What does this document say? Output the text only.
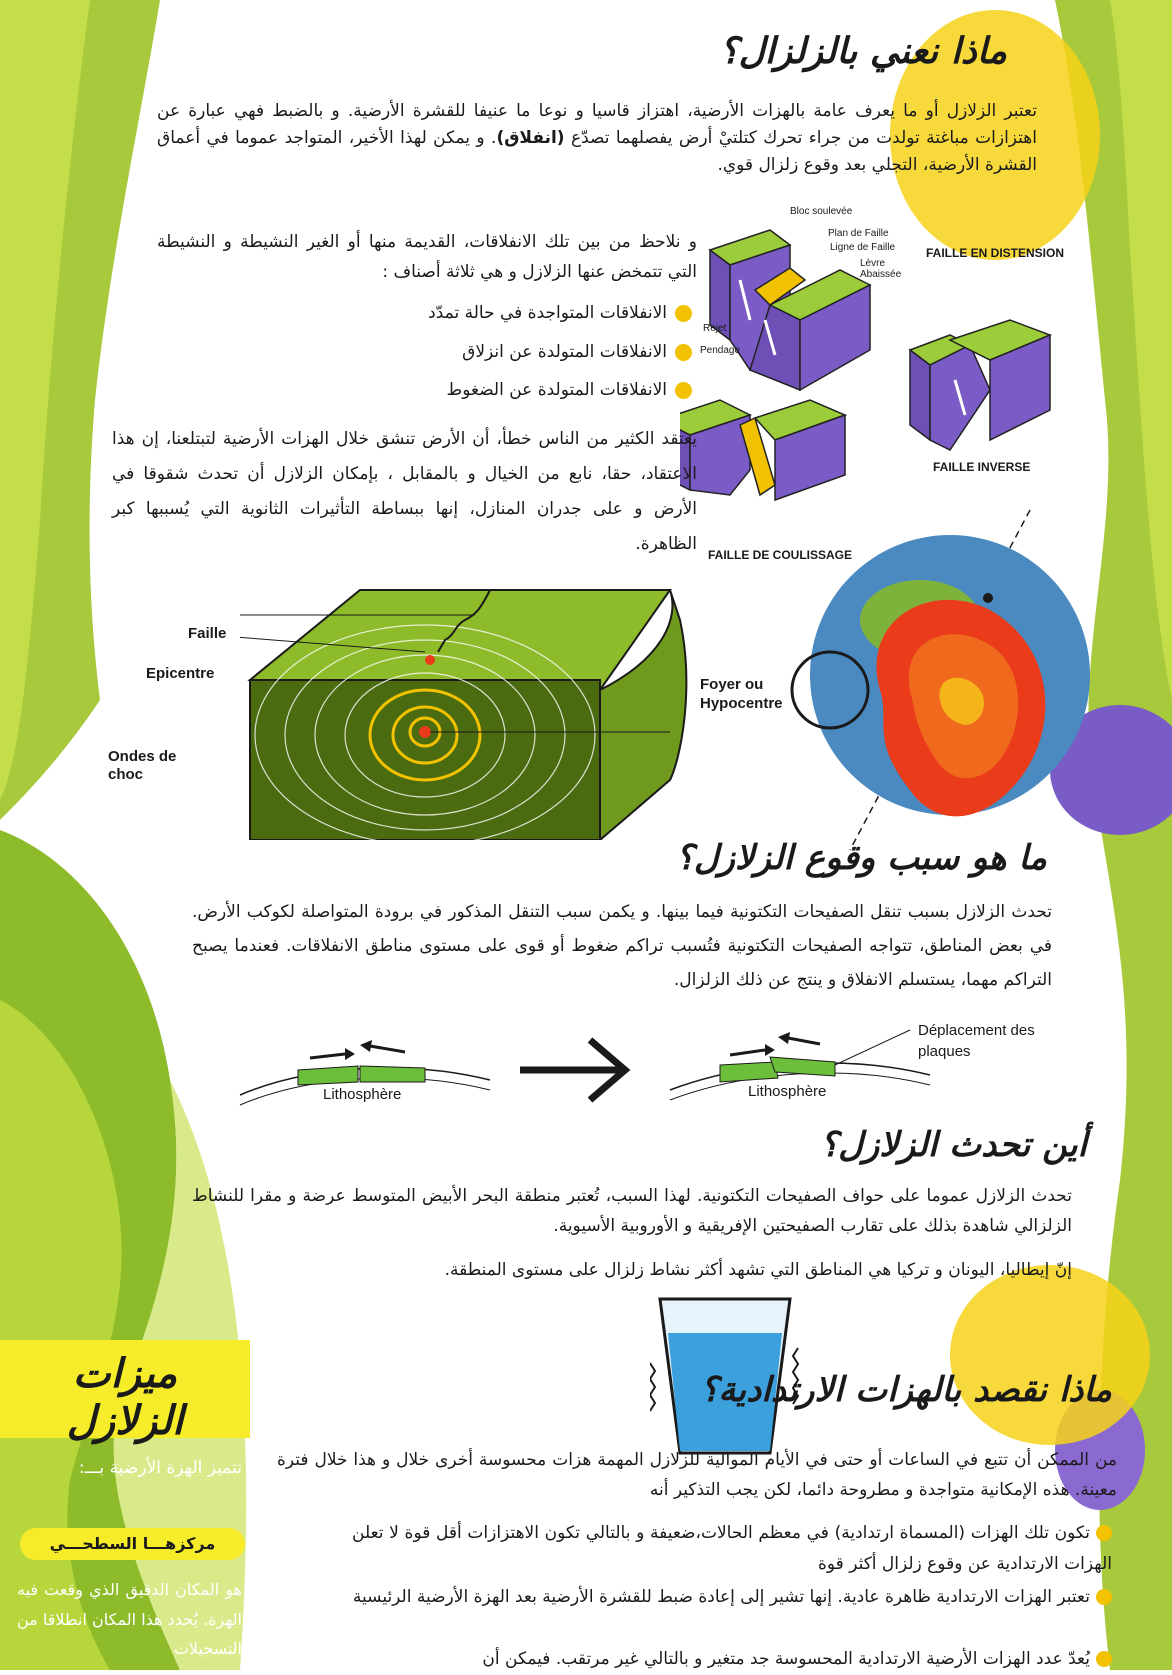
ماذا نعني بالزلزال؟
تعتبر الزلازل أو ما يعرف عامة بالهزات الأرضية، اهتزاز قاسيا و نوعا ما عنيفا للقشرة الأرضية. و بالضبط فهي عبارة عن اهتزازات مباغتة تولدت من جراء تحرك كتلتيْ أرض يفصلهما تصدّع (انفلاق). و يمكن لهذا الأخير، المتواجد عموما في أعماق القشرة الأرضية، التجلي بعد وقوع زلزال قوي.
و نلاحظ من بين تلك الانفلاقات، القديمة منها أو الغير النشيطة و النشيطة التي تتمخض عنها الزلازل و هي ثلاثة أصناف :
الانفلاقات المتواجدة في حالة تمدّد
الانفلاقات المتولدة عن انزلاق
الانفلاقات المتولدة عن الضغوط
يعتقد الكثير من الناس خطأ، أن الأرض تنشق خلال الهزات الأرضية لتبتلعنا، إن هذا الاعتقاد، حقا، نابع من الخيال و بالمقابل ، بإمكان الزلازل أن تحدث شقوقا في الأرض و على جدران المنازل، إنها ببساطة التأثيرات الثانوية التي يُسببها كبر الظاهرة.
Bloc soulevée
Plan de Faille
Ligne de Faille
Lèvre Abaissée
Rejet
Pendage
FAILLE EN DISTENSION
FAILLE INVERSE
FAILLE DE COULISSAGE
Faille
Epicentre
Ondes de choc
Foyer ou Hypocentre
ما هو سبب وقوع الزلازل؟
تحدث الزلازل بسبب تنقل الصفيحات التكتونية فيما بينها. و يكمن سبب التنقل المذكور في برودة المتواصلة لكوكب الأرض. في بعض المناطق، تتواجه الصفيحات التكتونية فتُسبب تراكم ضغوط أو قوى على مستوى مناطق الانفلاقات. فعندما يصبح التراكم مهما، يستسلم الانفلاق و ينتج عن ذلك الزلزال.
Lithosphère	Lithosphère
Déplacement des plaques
أين تحدث الزلازل؟
تحدث الزلازل عموما على حواف الصفيحات التكتونية. لهذا السبب، تُعتبر منطقة البحر الأبيض المتوسط عرضة و مقرا للنشاط الزلزالي شاهدة بذلك على تقارب الصفيحتين الإفريقية و الأوروبية الأسيوية.
إنّ إيطاليا، اليونان و تركيا هي المناطق التي تشهد أكثر نشاط زلزال على مستوى المنطقة.
ماذا نقصد بالهزات الارتدادية؟
من الممكن أن تتبع في الساعات أو حتى في الأيام الموالية للزلازل المهمة هزات محسوسة أخرى خلال و هذا خلال فترة معينة. هذه الإمكانية متواجدة و مطروحة دائما، لكن يجب التذكير أنه
تكون تلك الهزات (المسماة ارتدادية) في معظم الحالات،ضعيفة و بالتالي تكون الاهتزازات أقل قوة لا تعلن الهزات الارتدادية عن وقوع زلزال أكثر قوة
تعتبر الهزات الارتدادية ظاهرة عادية. إنها تشير إلى إعادة ضبط للقشرة الأرضية بعد الهزة الأرضية الرئيسية
يُعدّ عدد الهزات الأرضية الارتدادية المحسوسة جد متغير و بالتالي غير مرتقب. فيمكن أن
ميزات الزلازل
تتميز الهزة الأرضية بـــ:
مركزهـــا السطحـــي
هو المكان الدقيق الذي وقعت فيه الهزة. يُحدد هذا المكان انطلاقا من التسجيلات
